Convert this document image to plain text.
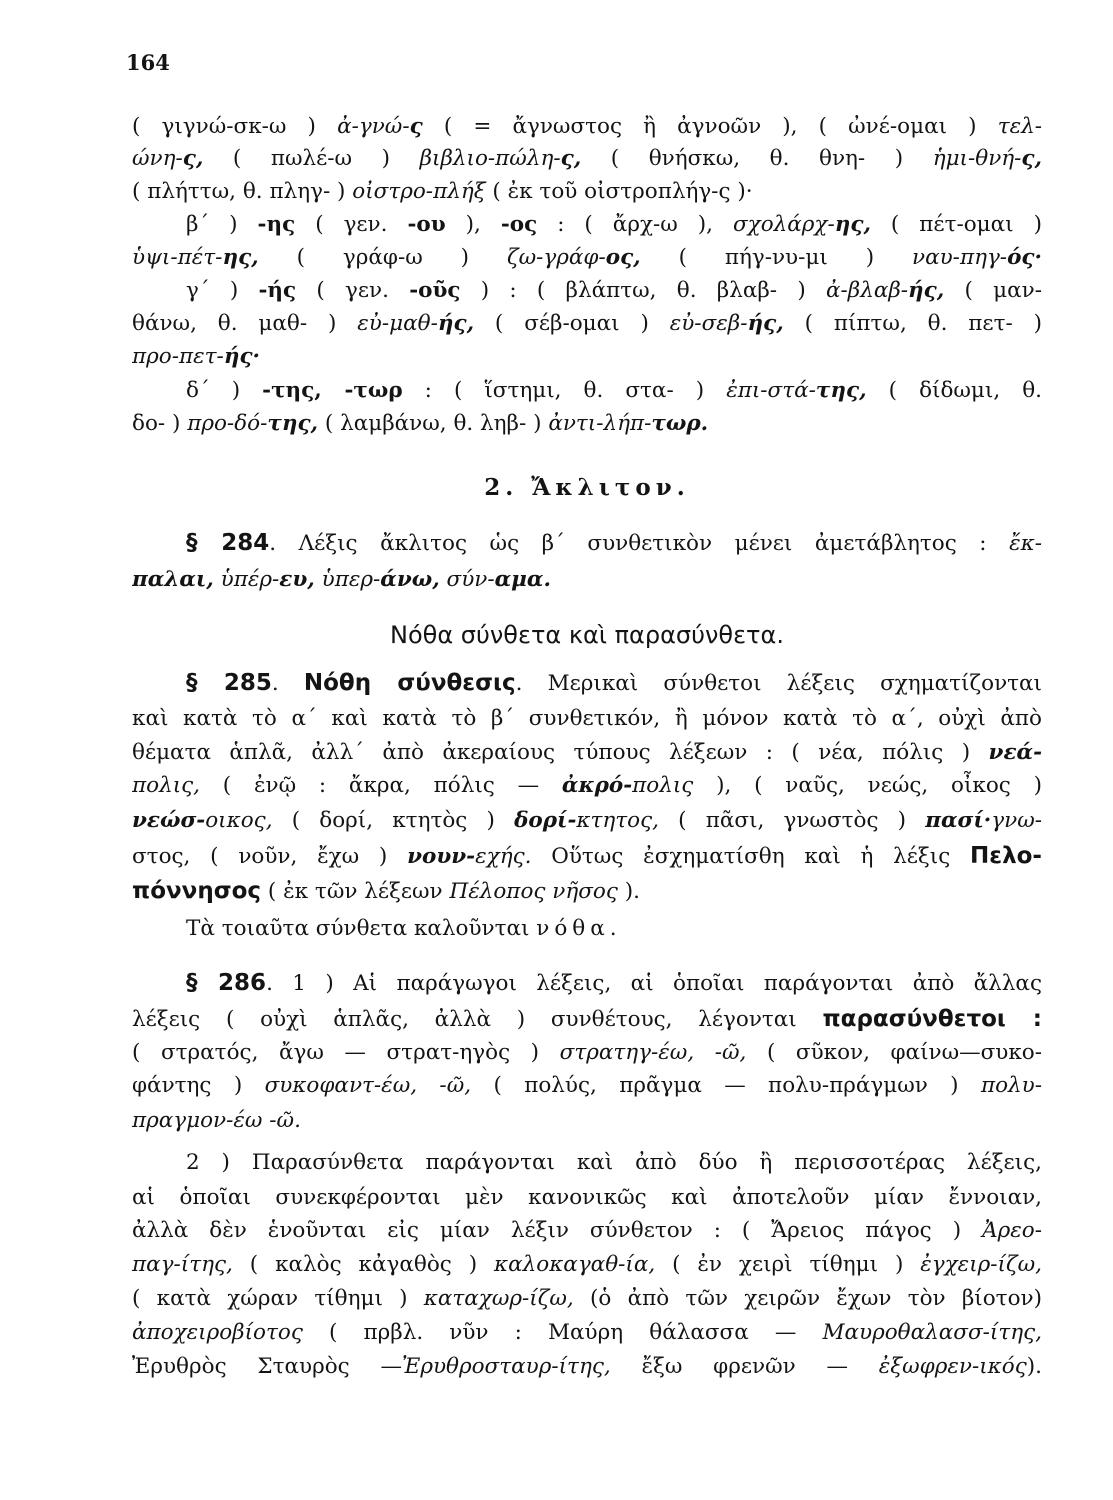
164
( γιγνώ-σκ-ω ) ἀ-γνώ-ς ( = ἄγνωστος ἢ ἀγνοῶν ), ( ὠνέ-ομαι ) τελ-
ώνη-ς, ( πωλέ-ω ) βιβλιο-πώλη-ς, ( θνήσκω, θ. θνη- ) ἡμι-θνή-ς,
( πλήττω, θ. πληγ- ) οἰστρο-πλήξ ( ἐκ τοῦ οἰστροπλήγ-ς )·
β΄ ) -ης ( γεν. -ου ), -ος : ( ἄρχ-ω ), σχολάρχ-ης, ( πέτ-ομαι )
ὑψι-πέτ-ης, ( γράφ-ω ) ζω-γράφ-ος, ( πήγ-νυ-μι ) ναυ-πηγ-ός·
γ΄ ) -ής ( γεν. -οῦς ) : ( βλάπτω, θ. βλαβ- ) ἀ-βλαβ-ής, ( μαν-
θάνω, θ. μαθ- ) εὐ-μαθ-ής, ( σέβ-ομαι ) εὐ-σεβ-ής, ( πίπτω, θ. πετ- )
προ-πετ-ής·
δ΄ ) -της, -τωρ : ( ἵστημι, θ. στα- ) ἐπι-στά-της, ( δίδωμι, θ.
δο- ) προ-δό-της, ( λαμβάνω, θ. ληβ- ) ἀντι-λήπ-τωρ.
2. Ἄκλιτον.
§ 284. Λέξις ἄκλιτος ὡς β΄ συνθετικὸν μένει ἀμετάβλητος : ἔκ-
παλαι, ὑπέρ-ευ, ὑπερ-άνω, σύν-αμα.
Νόθα σύνθετα καὶ παρασύνθετα.
§ 285. Νόθη σύνθεσις. Μερικαὶ σύνθετοι λέξεις σχηματίζονται
καὶ κατὰ τὸ α΄ καὶ κατὰ τὸ β΄ συνθετικόν, ἢ μόνον κατὰ τὸ α΄, οὐχὶ ἀπὸ
θέματα ἁπλᾶ, ἀλλ΄ ἀπὸ ἀκεραίους τύπους λέξεων : ( νέα, πόλις ) νεά-
πολις, ( ἐνῷ : ἄκρα, πόλις — ἀκρό-πολις ), ( ναῦς, νεώς, οἶκος )
νεώσ-οικος, ( δορί, κτητὸς ) δορί-κτητος, ( πᾶσι, γνωστὸς ) πασί·γνω-
στος, ( νοῦν, ἔχω ) νουν-εχής. Οὕτως ἐσχηματίσθη καὶ ἡ λέξις Πελο-
πόννησος ( ἐκ τῶν λέξεων Πέλοπος νῆσος ).
Τὰ τοιαῦτα σύνθετα καλοῦνται νόθα.
§ 286. 1 ) Αἱ παράγωγοι λέξεις, αἱ ὁποῖαι παράγονται ἀπὸ ἄλλας
λέξεις ( οὐχὶ ἁπλᾶς, ἀλλὰ ) συνθέτους, λέγονται παρασύνθετοι :
( στρατός, ἄγω — στρατ-ηγὸς ) στρατηγ-έω, -ῶ, ( σῦκον, φαίνω—συκο-
φάντης ) συκοφαντ-έω, -ῶ, ( πολύς, πρᾶγμα — πολυ-πράγμων ) πολυ-
πραγμον-έω -ῶ.
2 ) Παρασύνθετα παράγονται καὶ ἀπὸ δύο ἢ περισσοτέρας λέξεις,
αἱ ὁποῖαι συνεκφέρονται μὲν κανονικῶς καὶ ἀποτελοῦν μίαν ἔννοιαν,
ἀλλὰ δὲν ἑνοῦνται εἰς μίαν λέξιν σύνθετον : ( Ἄρειος πάγος ) Ἀρεο-
παγ-ίτης, ( καλὸς κἀγαθὸς ) καλοκαγαθ-ία, ( ἐν χειρὶ τίθημι ) ἐγχειρ-ίζω,
( κατὰ χώραν τίθημι ) καταχωρ-ίζω, (ὁ ἀπὸ τῶν χειρῶν ἔχων τὸν βίοτον)
ἀποχειροβίοτος ( πρβλ. νῦν : Μαύρη θάλασσα — Μαυροθαλασσ-ίτης,
Ἐρυθρὸς Σταυρὸς —Ἐρυθροσταυρ-ίτης, ἔξω φρενῶν — ἐξωφρεν-ικός).
